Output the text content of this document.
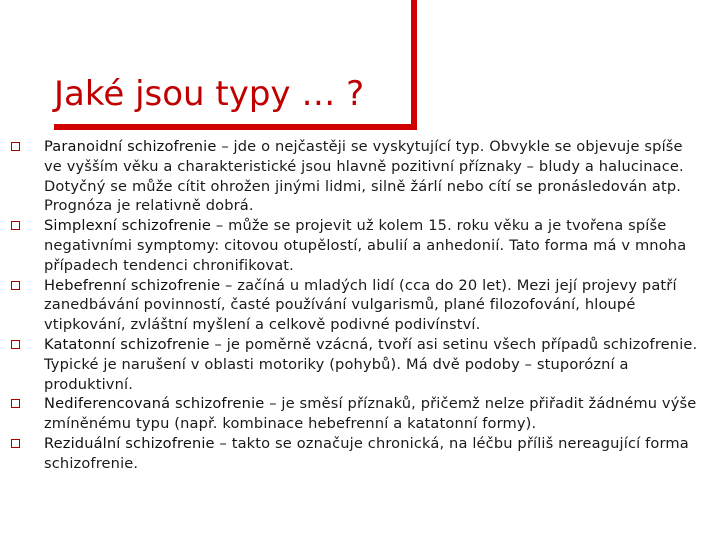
Jaké jsou typy … ?
Paranoidní schizofrenie – jde o nejčastěji se vyskytující typ. Obvykle se objevuje spíše ve vyšším věku a charakteristické jsou hlavně pozitivní příznaky – bludy a halucinace. Dotyčný se může cítit ohrožen jinými lidmi, silně žárlí nebo cítí se pronásledován atp. Prognóza je relativně dobrá.
Simplexní schizofrenie – může se projevit už kolem 15. roku věku a je tvořena spíše negativními symptomy: citovou otupělostí, abulií a anhedonií. Tato forma má v mnoha případech tendenci chronifikovat.
Hebefrenní schizofrenie – začíná u mladých lidí (cca do 20 let). Mezi její projevy patří zanedbávání povinností, časté používání vulgarismů, plané filozofování, hloupé vtipkování, zvláštní myšlení a celkově podivné podivínství.
Katatonní schizofrenie – je poměrně vzácná, tvoří asi setinu všech případů schizofrenie. Typické je narušení v oblasti motoriky (pohybů). Má dvě podoby – stuporózní a produktivní.
Nediferencovaná schizofrenie – je směsí příznaků, přičemž nelze přiřadit žádnému výše zmíněnému typu (např. kombinace hebefrenní a katatonní formy).
Reziduální schizofrenie – takto se označuje chronická, na léčbu příliš nereagující forma schizofrenie.
